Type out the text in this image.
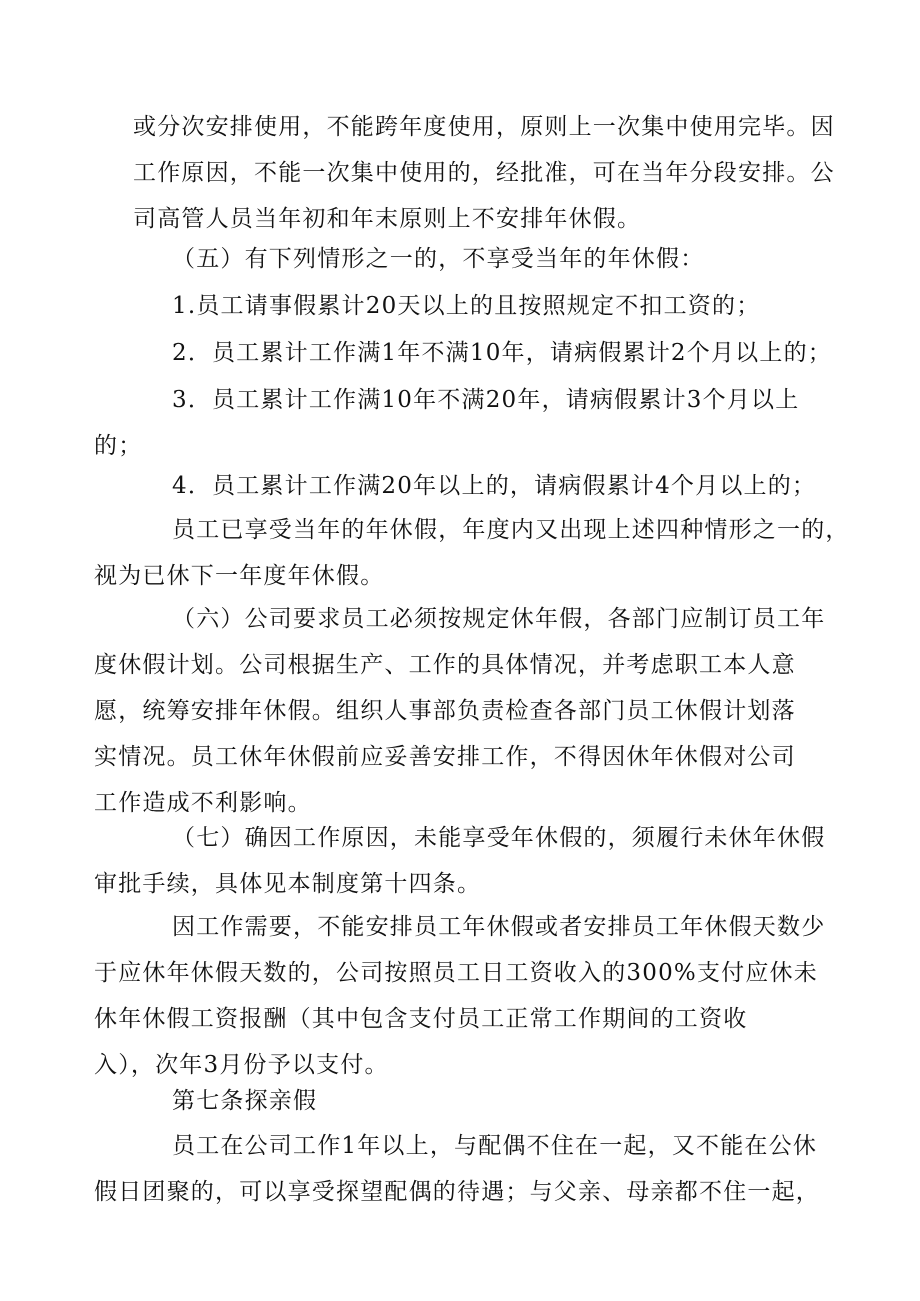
或分次安排使用，不能跨年度使用，原则上一次集中使用完毕。因
工作原因，不能一次集中使用的，经批准，可在当年分段安排。公
司高管人员当年初和年末原则上不安排年休假。
（五）有下列情形之一的，不享受当年的年休假：
1.员工请事假累计20天以上的且按照规定不扣工资的；
2．员工累计工作满1年不满10年，请病假累计2个月以上的；
3．员工累计工作满10年不满20年，请病假累计3个月以上
的；
4．员工累计工作满20年以上的，请病假累计4个月以上的；
员工已享受当年的年休假，年度内又出现上述四种情形之一的，
视为已休下一年度年休假。
（六）公司要求员工必须按规定休年假，各部门应制订员工年
度休假计划。公司根据生产、工作的具体情况，并考虑职工本人意
愿，统筹安排年休假。组织人事部负责检查各部门员工休假计划落
实情况。员工休年休假前应妥善安排工作，不得因休年休假对公司
工作造成不利影响。
（七）确因工作原因，未能享受年休假的，须履行未休年休假
审批手续，具体见本制度第十四条。
因工作需要，不能安排员工年休假或者安排员工年休假天数少
于应休年休假天数的，公司按照员工日工资收入的300%支付应休未
休年休假工资报酬（其中包含支付员工正常工作期间的工资收
入），次年3月份予以支付。
第七条探亲假
员工在公司工作1年以上，与配偶不住在一起，又不能在公休
假日团聚的，可以享受探望配偶的待遇；与父亲、母亲都不住一起，
